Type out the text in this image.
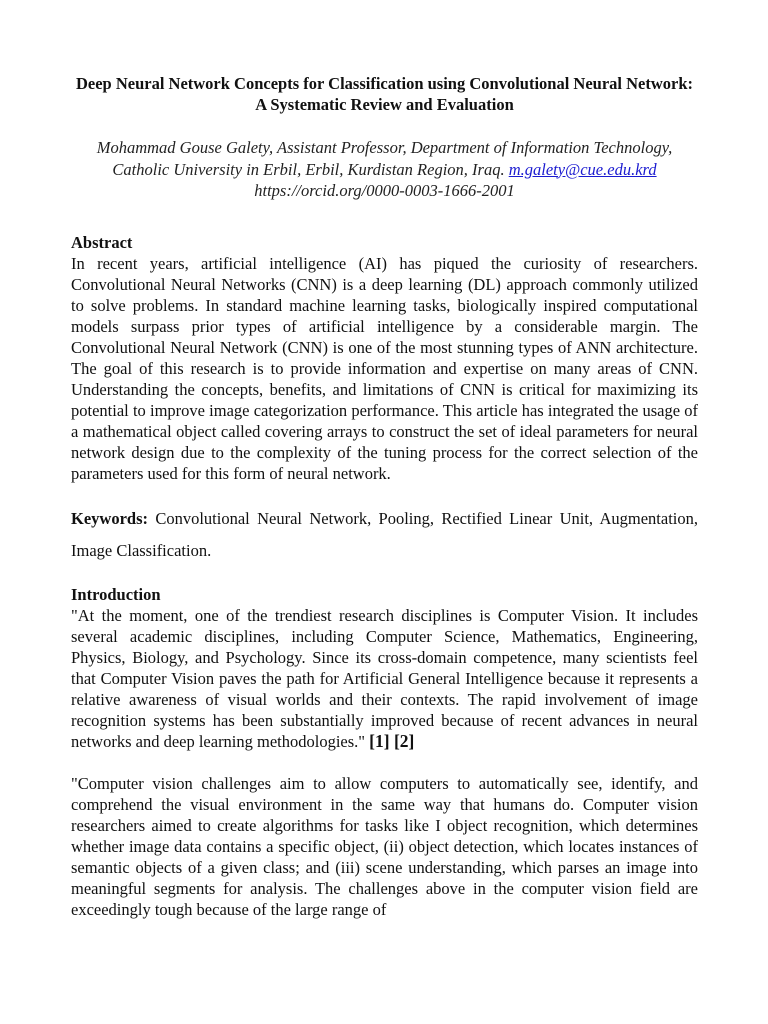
Deep Neural Network Concepts for Classification using Convolutional Neural Network: A Systematic Review and Evaluation
Mohammad Gouse Galety, Assistant Professor, Department of Information Technology, Catholic University in Erbil, Erbil, Kurdistan Region, Iraq. m.galety@cue.edu.krd
https://orcid.org/0000-0003-1666-2001
Abstract

In recent years, artificial intelligence (AI) has piqued the curiosity of researchers. Convolutional Neural Networks (CNN) is a deep learning (DL) approach commonly utilized to solve problems. In standard machine learning tasks, biologically inspired computational models surpass prior types of artificial intelligence by a considerable margin. The Convolutional Neural Network (CNN) is one of the most stunning types of ANN architecture. The goal of this research is to provide information and expertise on many areas of CNN. Understanding the concepts, benefits, and limitations of CNN is critical for maximizing its potential to improve image categorization performance. This article has integrated the usage of a mathematical object called covering arrays to construct the set of ideal parameters for neural network design due to the complexity of the tuning process for the correct selection of the parameters used for this form of neural network.

Keywords: Convolutional Neural Network, Pooling, Rectified Linear Unit, Augmentation, Image Classification.

Introduction

"At the moment, one of the trendiest research disciplines is Computer Vision. It includes several academic disciplines, including Computer Science, Mathematics, Engineering, Physics, Biology, and Psychology. Since its cross-domain competence, many scientists feel that Computer Vision paves the path for Artificial General Intelligence because it represents a relative awareness of visual worlds and their contexts. The rapid involvement of image recognition systems has been substantially improved because of recent advances in neural networks and deep learning methodologies." [1] [2]

"Computer vision challenges aim to allow computers to automatically see, identify, and comprehend the visual environment in the same way that humans do. Computer vision researchers aimed to create algorithms for tasks like I object recognition, which determines whether image data contains a specific object, (ii) object detection, which locates instances of semantic objects of a given class; and (iii) scene understanding, which parses an image into meaningful segments for analysis. The challenges above in the computer vision field are exceedingly tough because of the large range of
